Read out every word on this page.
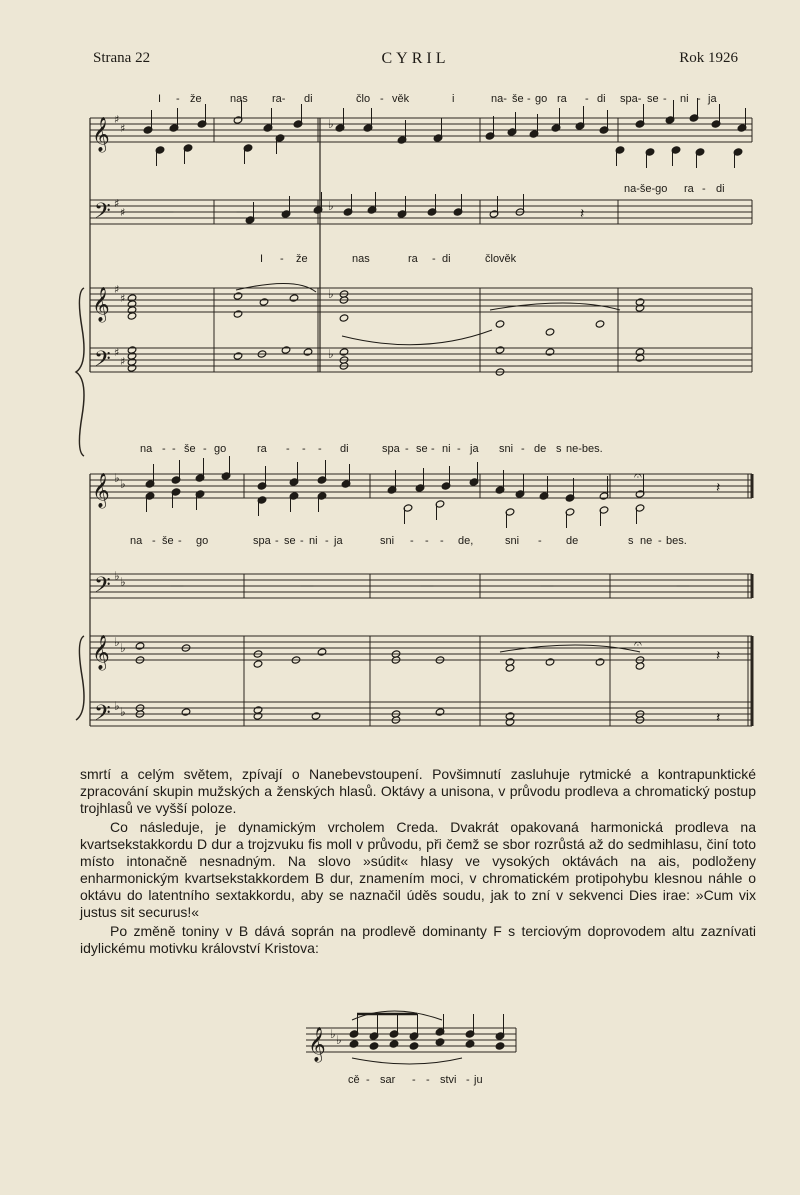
Strana 22	CYRIL	Rok 1926
𝄞
𝄢
𝄞
𝄢
♯
♯
♯
♯
♯
♯
♯
♯
♭
♭
♭
♭
—	—	𝄽
𝄞
𝄢
𝄞
𝄢
♭
♭
♭
♭
♭
♭
♭
♭
𝄐
𝄽
—	—	—	—	—
𝄐
𝄽
𝄽
𝄞 ♭ ♭
I - že	nas ra- di	člo - věk	i	na- še - go ra - di spa- se - ni - ja
na-še-go ra - di
I - že	nas	ra - di	člověk
na - - še - go	ra - - - di	spa - se - ni - ja sni - de s ne-bes.
na - še - go	spa - se - ni - ja	sni - - - de,	sni - de	s ne - bes.
cě - sar - - stvi - ju

smrtí a celým světem, zpívají o Nanebevstoupení. Povšimnutí zasluhuje rytmické a kontrapunktické zpracování skupin mužských a ženských hlasů. Oktávy a unisona, v průvodu prodleva a chromatický postup trojhlasů ve vyšší poloze.

Co následuje, je dynamickým vrcholem Creda. Dvakrát opakovaná harmonická prodleva na kvartsekstakkordu D dur a trojzvuku fis moll v průvodu, při čemž se sbor rozrůstá až do sedmihlasu, činí toto místo intonačně nesnadným. Na slovo »súdit« hlasy ve vysokých oktávách na ais, podloženy enharmonickým kvartsekstakkordem B dur, znamením moci, v chromatickém protipohybu klesnou náhle o oktávu do latentního sextakkordu, aby se naznačil úděs soudu, jak to zní v sekvenci Dies irae: »Cum vix justus sit securus!«

Po změně toniny v B dává soprán na prodlevě dominanty F s terciovým doprovodem altu zaznívati idylickému motivku království Kristova:
